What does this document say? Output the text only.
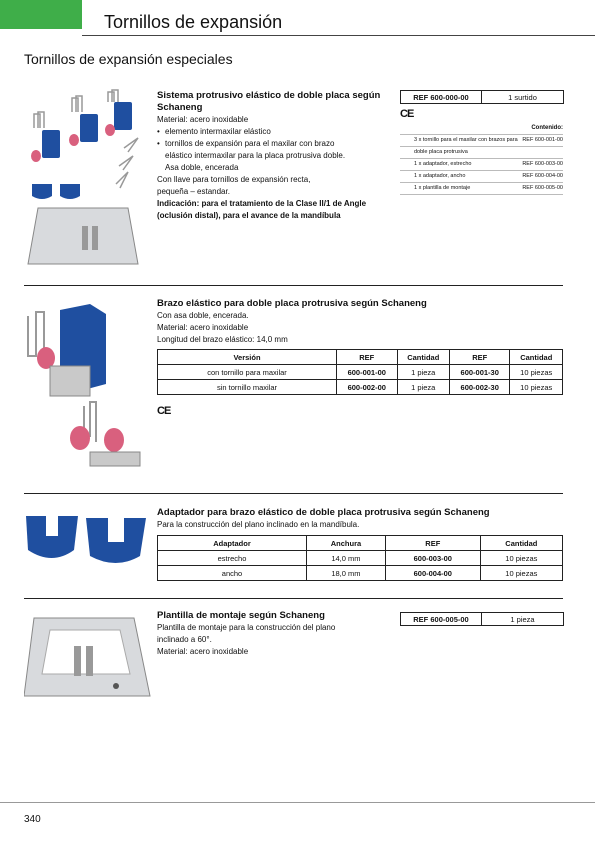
Tornillos de expansión
Tornillos de expansión especiales
Sistema protrusivo elástico de doble placa según Schaneng
Material: acero inoxidable
• elemento intermaxilar elástico
• tornillos de expansión para el maxilar con brazo
elástico intermaxilar para la placa protrusiva doble.
Asa doble, encerada
Con llave para tornillos de expansión recta,
pequeña – estandar.
Indicación: para el tratamiento de la Clase II/1 de Angle (oclusión distal), para el avance de la mandíbula
REF 600-000-00	1 surtido
CE
Contenido:
3 x tornillo para el maxilar con brazos para REF 600-001-00
doble placa protrusiva
1 x adaptador, estrecho	REF 600-003-00
1 x adaptador, ancho	REF 600-004-00
1 x plantilla de montaje	REF 600-005-00
Brazo elástico para doble placa protrusiva según Schaneng
Con asa doble, encerada.
Material: acero inoxidable
Longitud del brazo elástico: 14,0 mm
Versión	REF	Cantidad	REF	Cantidad
con tornillo para maxilar	600-001-00	1 pieza	600-001-30	10 piezas
sin tornillo maxilar	600-002-00	1 pieza	600-002-30	10 piezas
CE
Adaptador para brazo elástico de doble placa protrusiva según Schaneng
Para la construcción del plano inclinado en la mandíbula.
Adaptador	Anchura	REF	Cantidad
estrecho	14,0 mm	600-003-00	10 piezas
ancho	18,0 mm	600-004-00	10 piezas
Plantilla de montaje según Schaneng
Plantilla de montaje para la construcción del plano
inclinado a 60°.
Material: acero inoxidable
REF 600-005-00	1 pieza
340
